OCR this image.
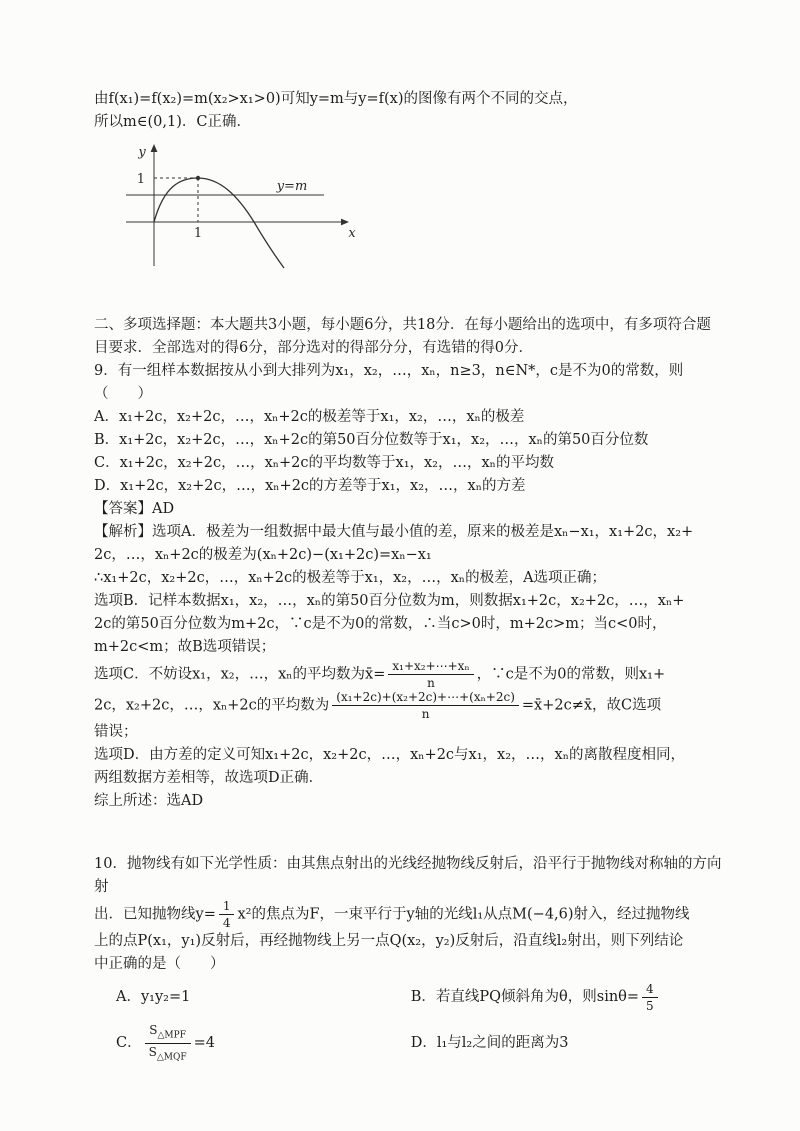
由f(x₁)=f(x₂)=m(x₂>x₁>0)可知y=m与y=f(x)的图像有两个不同的交点，

所以m∈(0,1)．C正确．

y
1
1	x
y=m

二、多项选择题：本大题共3小题，每小题6分，共18分．在每小题给出的选项中，有多项符合题

目要求．全部选对的得6分，部分选对的得部分分，有选错的得0分．

9．有一组样本数据按从小到大排列为x₁，x₂，…，xₙ，n≥3，n∈N*，c是不为0的常数，则

（　　）

A．x₁+2c，x₂+2c，…，xₙ+2c的极差等于x₁，x₂，…，xₙ的极差

B．x₁+2c，x₂+2c，…，xₙ+2c的第50百分位数等于x₁，x₂，…，xₙ的第50百分位数

C．x₁+2c，x₂+2c，…，xₙ+2c的平均数等于x₁，x₂，…，xₙ的平均数

D．x₁+2c，x₂+2c，…，xₙ+2c的方差等于x₁，x₂，…，xₙ的方差

【答案】AD

【解析】选项A．极差为一组数据中最大值与最小值的差，原来的极差是xₙ−x₁，x₁+2c，x₂+

2c，…，xₙ+2c的极差为(xₙ+2c)−(x₁+2c)=xₙ−x₁

∴x₁+2c，x₂+2c，…，xₙ+2c的极差等于x₁，x₂，…，xₙ的极差，A选项正确；

选项B．记样本数据x₁，x₂，…，xₙ的第50百分位数为m，则数据x₁+2c，x₂+2c，…，xₙ+

2c的第50百分位数为m+2c，∵c是不为0的常数，∴当c>0时，m+2c>m；当c<0时，

m+2c<m；故B选项错误；

选项C．不妨设x₁，x₂，…，xₙ的平均数为x̄= $\frac{\text{x₁+x₂+⋯+xₙ}}{n}$ ，∵c是不为0的常数，则x₁+

2c，x₂+2c，…，xₙ+2c的平均数为 $\frac{\text{(x₁+2c)+(x₂+2c)+⋯+(xₙ+2c)}}{n}$ =x̄+2c≠x̄，故C选项

错误；

选项D．由方差的定义可知x₁+2c，x₂+2c，…，xₙ+2c与x₁，x₂，…，xₙ的离散程度相同，

两组数据方差相等，故选项D正确．

综上所述：选AD

10．抛物线有如下光学性质：由其焦点射出的光线经抛物线反射后，沿平行于抛物线对称轴的方向射

出．已知抛物线$y= \frac{1}{4} x^2$的焦点为F，一束平行于y轴的光线l₁从点M(−4,6)射入，经过抛物线

上的点P(x₁，y₁)反射后，再经抛物线上另一点Q(x₂，y₂)反射后，沿直线l₂射出，则下列结论

中正确的是（　　）

A．y₁y₂=1	B．若直线PQ倾斜角为θ，则$\sin\theta= \frac{4}{5}$
C． $\frac{S_{\triangle MPF}}{S_{\triangle MQF}} =4$	D．l₁与l₂之间的距离为3
